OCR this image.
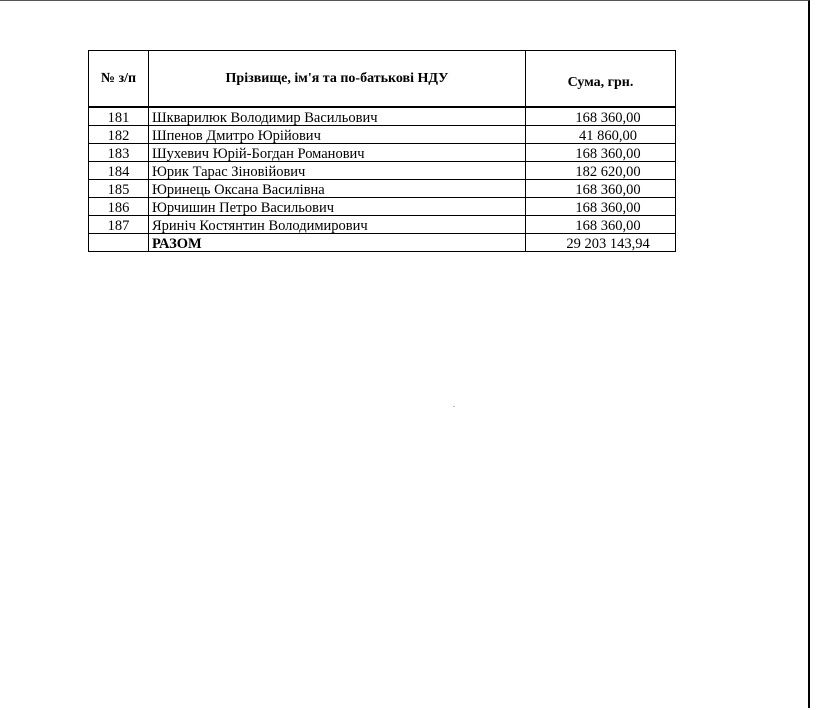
№ з/п	Прізвище, ім'я та по-батькові НДУ	Сума, грн.
181	Шкварилюк Володимир Васильович	168 360,00
182	Шпенов Дмитро Юрійович	41 860,00
183	Шухевич Юрій-Богдан Романович	168 360,00
184	Юрик Тарас Зіновійович	182 620,00
185	Юринець Оксана Василівна	168 360,00
186	Юрчишин Петро Васильович	168 360,00
187	Яриніч Костянтин Володимирович	168 360,00
	РАЗОМ	29 203 143,94
